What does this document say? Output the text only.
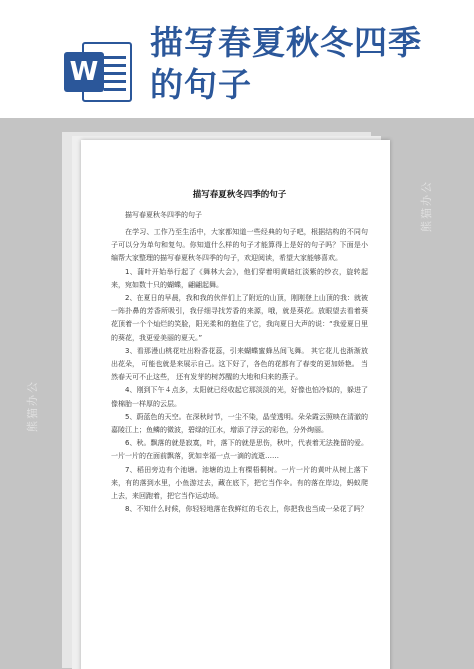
W
描写春夏秋冬四季
的句子
熊猫办公
熊猫办公
描写春夏秋冬四季的句子
描写春夏秋冬四季的句子

在学习、工作乃至生活中，大家都知道一些经典的句子吧，根据结构的不同句子可以分为单句和复句。你知道什么样的句子才能算得上是好的句子吗？下面是小编帮大家整理的描写春夏秋冬四季的句子，欢迎阅读，希望大家能够喜欢。

1、蒲叶开始举行起了《舞林大会》，他们穿着明黄暗红淡紫的纱衣，旋转起来，宛如数十只的蝴蝶，翩翩起舞。

2、在夏日的早晨，我和我的伙伴们上了附近的山顶，刚刚登上山顶的我：就被一阵扑鼻的芳香所吸引，我仔细寻找芳香的来源，哦，就是葵花。放眼望去看着葵花顶着一个个灿烂的笑脸，阳光柔和的抱住了它，我向夏日大声的说：“我爱夏日里的葵花，我更爱美丽的夏天。”

3、看那漫山桃花吐出粉香花蕊，引来蝴蝶蜜蜂丛间飞舞。 其它花儿也渐渐放出花朵， 可能也就是来展示自己。这下好了，各色的花都有了春变的更加娇艳。 当然春天可不止这些， 还有发芽的树苏醒的大地和归来的燕子。

4、刚到下午４点多，太阳就已经收起它那淡淡的光，好像也怕冷似的，躲进了像棉胎一样厚的云层。

5、蔚蓝色的天空。在深秋时节，一尘不染，晶莹透明。朵朵霞云照映在清澈的嘉陵江上；鱼鳞的微波，碧绿的江水，增添了浮云的彩色，分外绚丽。

6、秋。飘落的就是寂寞，叶，落下的就是思伤，秋叶，代表着无法挽留的爱。一片一片的在面前飘落，犹如幸福一点一滴的流逝……

7、稻田旁边有个池塘。池塘的边上有棵梧桐树。一片一片的黄叶从树上落下来，有的落到水里，小鱼游过去，藏在底下，把它当作伞。有的落在岸边，蚂蚁爬上去，来回跑着，把它当作运动场。

8、不知什么时候，你轻轻地落在我鲜红的毛衣上，你把我也当成一朵花了吗？
